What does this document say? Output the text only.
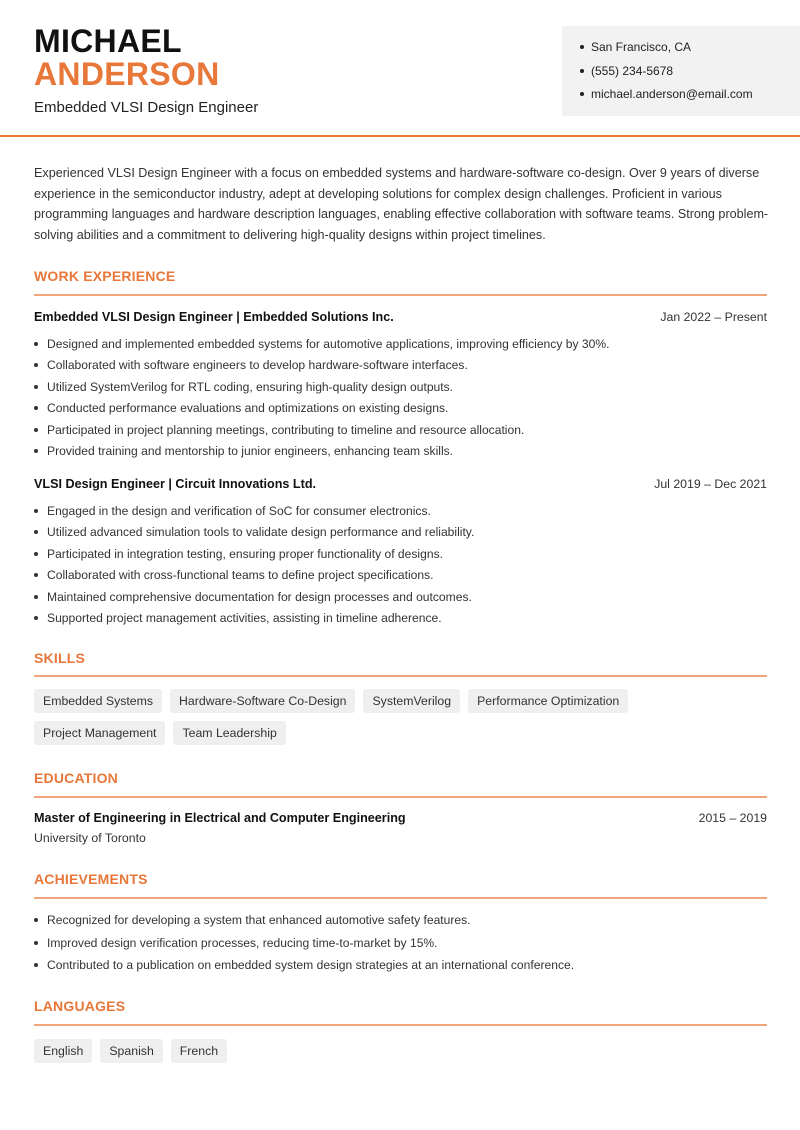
MICHAEL
ANDERSON
Embedded VLSI Design Engineer
San Francisco, CA
(555) 234-5678
michael.anderson@email.com

Experienced VLSI Design Engineer with a focus on embedded systems and hardware-software co-design. Over 9 years of diverse experience in the semiconductor industry, adept at developing solutions for complex design challenges. Proficient in various programming languages and hardware description languages, enabling effective collaboration with software teams. Strong problem-solving abilities and a commitment to delivering high-quality designs within project timelines.

WORK EXPERIENCE
Embedded VLSI Design Engineer | Embedded Solutions Inc.	Jan 2022 – Present
Designed and implemented embedded systems for automotive applications, improving efficiency by 30%.
Collaborated with software engineers to develop hardware-software interfaces.
Utilized SystemVerilog for RTL coding, ensuring high-quality design outputs.
Conducted performance evaluations and optimizations on existing designs.
Participated in project planning meetings, contributing to timeline and resource allocation.
Provided training and mentorship to junior engineers, enhancing team skills.
VLSI Design Engineer | Circuit Innovations Ltd.	Jul 2019 – Dec 2021
Engaged in the design and verification of SoC for consumer electronics.
Utilized advanced simulation tools to validate design performance and reliability.
Participated in integration testing, ensuring proper functionality of designs.
Collaborated with cross-functional teams to define project specifications.
Maintained comprehensive documentation for design processes and outcomes.
Supported project management activities, assisting in timeline adherence.
SKILLS
Embedded Systems	Hardware-Software Co-Design	SystemVerilog	Performance Optimization
Project Management	Team Leadership
EDUCATION
Master of Engineering in Electrical and Computer Engineering	2015 – 2019
University of Toronto
ACHIEVEMENTS
Recognized for developing a system that enhanced automotive safety features.
Improved design verification processes, reducing time-to-market by 15%.
Contributed to a publication on embedded system design strategies at an international conference.
LANGUAGES
English	Spanish	French
